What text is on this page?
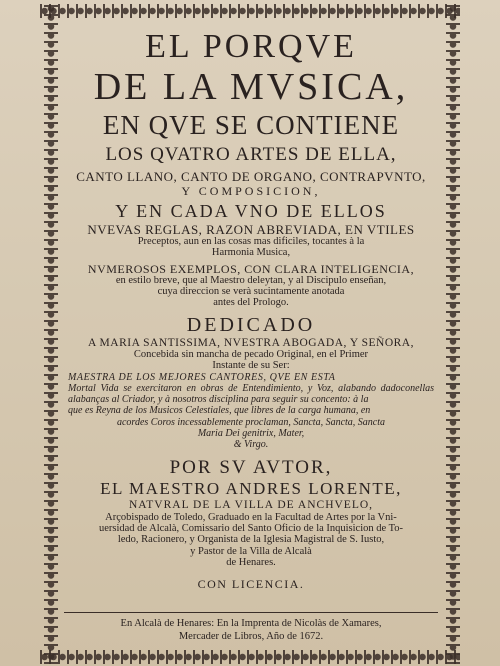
EL PORQVE
DE LA MVSICA,
EN QVE SE CONTIENE
LOS QVATRO ARTES DE ELLA,
CANTO LLANO, CANTO DE ORGANO, CONTRAPVNTO,
Y COMPOSICION,
Y EN CADA VNO DE ELLOS
NVEVAS REGLAS, RAZON ABREVIADA, EN VTILES
Preceptos, aun en las cosas mas dificiles, tocantes à la
Harmonia Musica,
NVMEROSOS EXEMPLOS, CON CLARA INTELIGENCIA,
en estilo breve, que al Maestro deleytan, y al Discipulo enseñan,
cuya direccion se verà sucintamente anotada
antes del Prologo.
DEDICADO
A MARIA SANTISSIMA, NVESTRA ABOGADA, Y SEÑORA,
Concebida sin mancha de pecado Original, en el Primer
Instante de su Ser:
MAESTRA DE LOS MEJORES CANTORES, QVE EN ESTA
Mortal Vida se exercitaron en obras de Entendimiento, y Voz, alabando dadoconellas alabanças al Criador, y à nosotros disciplina para seguir su concento: à la
que es Reyna de los Musicos Celestiales, que libres de la carga humana, en
acordes Coros incessablemente proclaman, Sancta, Sancta, Sancta
Maria Dei genitrix, Mater,
& Virgo.
POR SV AVTOR,
EL MAESTRO ANDRES LORENTE,
NATVRAL DE LA VILLA DE ANCHVELO,
Arçobispado de Toledo, Graduado en la Facultad de Artes por la Vni-
uersidad de Alcalà, Comissario del Santo Oficio de la Inquisicion de To-
ledo, Racionero, y Organista de la Iglesia Magistral de S. Iusto,
y Pastor de la Villa de Alcalà
de Henares.
CON LICENCIA.
En Alcalà de Henares: En la Imprenta de Nicolàs de Xamares,
Mercader de Libros, Año de 1672.
